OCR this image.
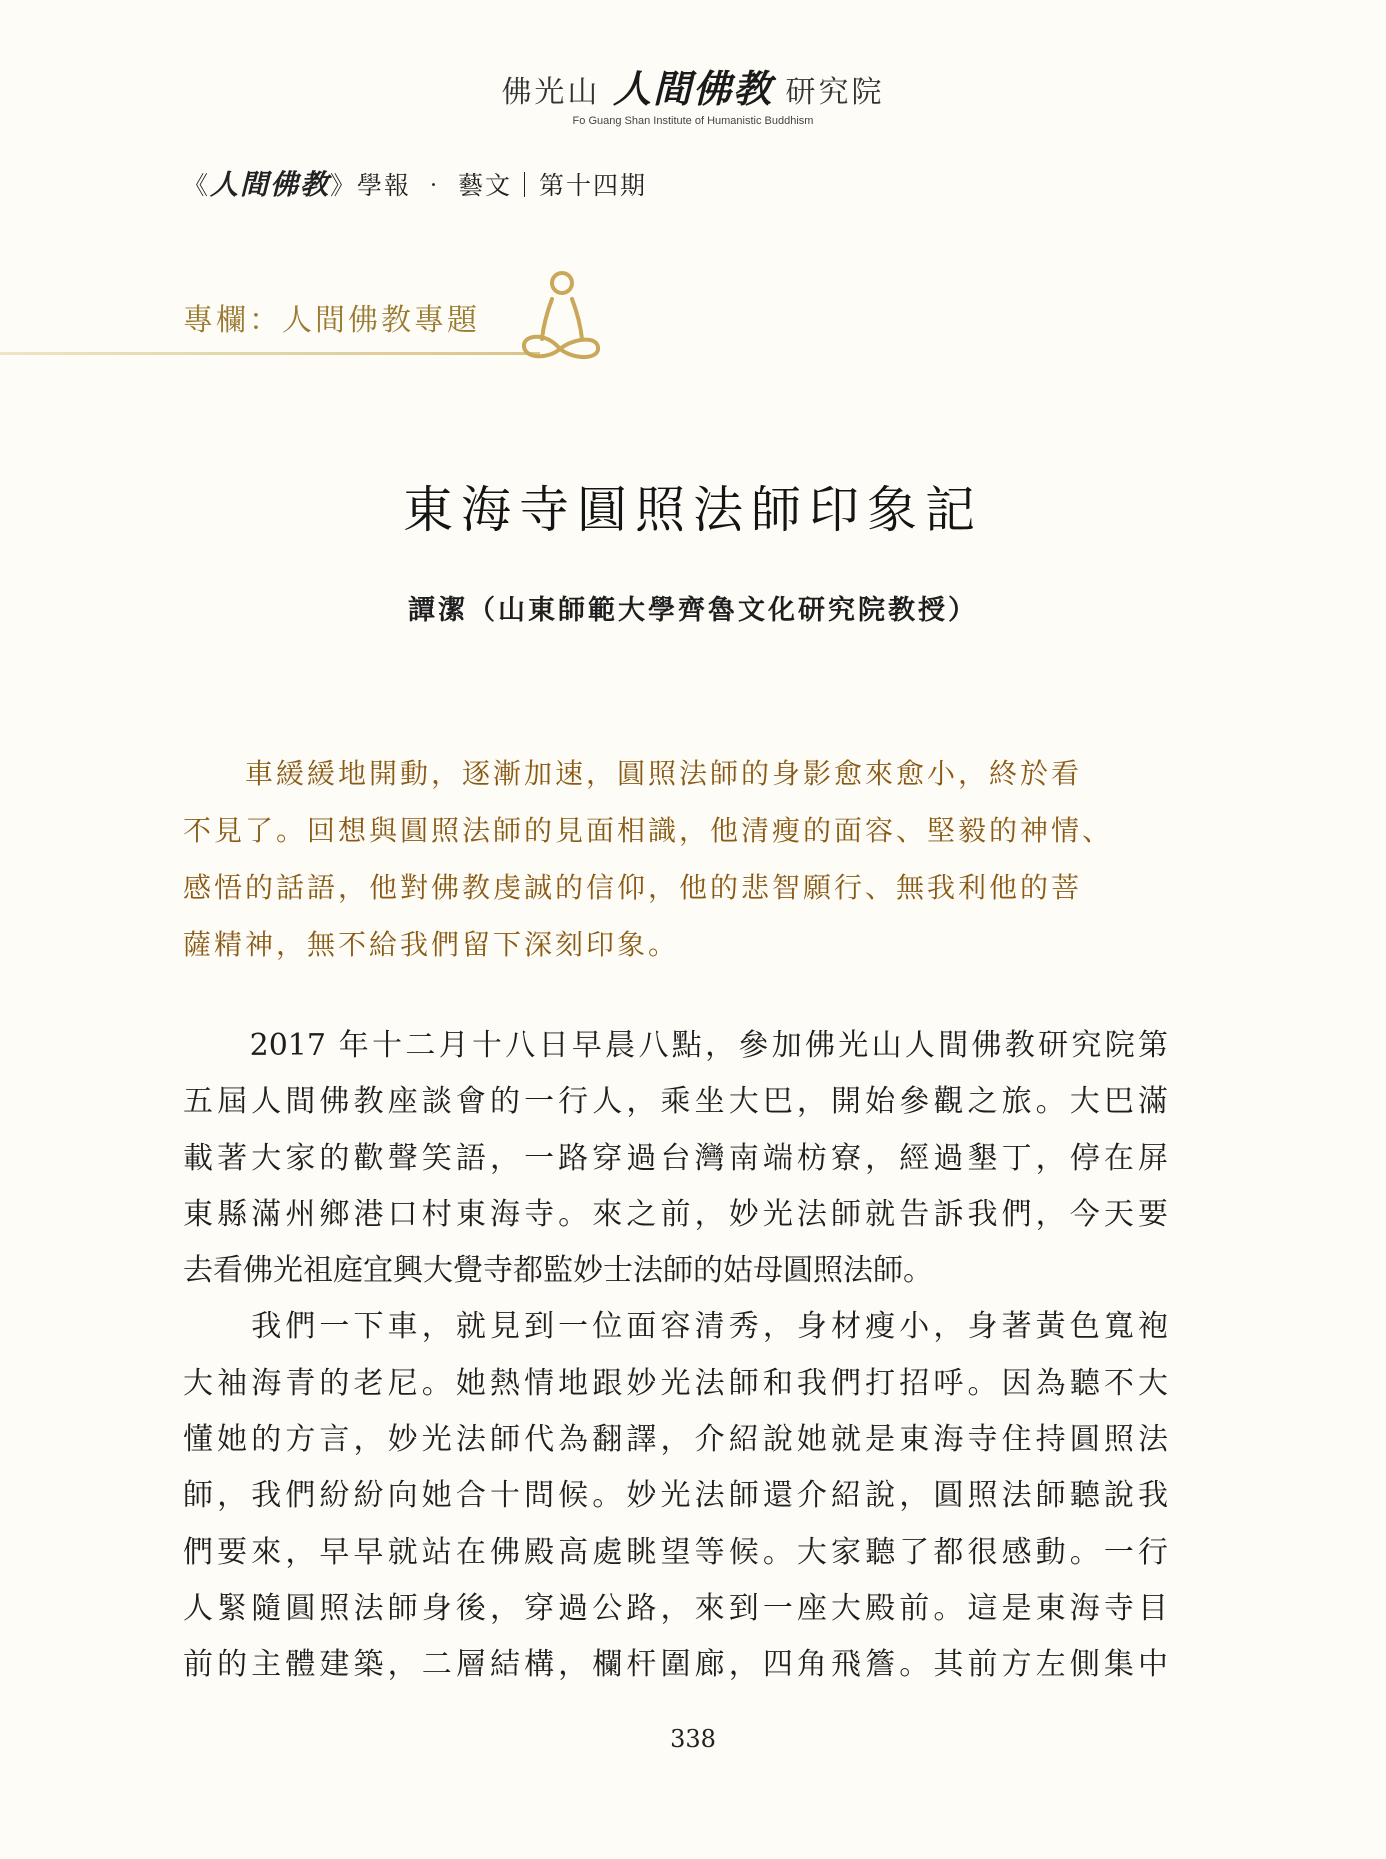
佛光山 人間佛教 研究院
Fo Guang Shan Institute of Humanistic Buddhism
《人間佛教》學報 ‧ 藝文｜第十四期
專欄：人間佛教專題
東海寺圓照法師印象記
譚潔（山東師範大學齊魯文化研究院教授）
　　車緩緩地開動，逐漸加速，圓照法師的身影愈來愈小，終於看
不見了。回想與圓照法師的見面相識，他清瘦的面容、堅毅的神情、
感悟的話語，他對佛教虔誠的信仰，他的悲智願行、無我利他的菩
薩精神，無不給我們留下深刻印象。
　　2017 年十二月十八日早晨八點，參加佛光山人間佛教研究院第
五屆人間佛教座談會的一行人，乘坐大巴，開始參觀之旅。大巴滿
載著大家的歡聲笑語，一路穿過台灣南端枋寮，經過墾丁，停在屏
東縣滿州鄉港口村東海寺。來之前，妙光法師就告訴我們，今天要
去看佛光祖庭宜興大覺寺都監妙士法師的姑母圓照法師。
　　我們一下車，就見到一位面容清秀，身材瘦小，身著黃色寬袍
大袖海青的老尼。她熱情地跟妙光法師和我們打招呼。因為聽不大
懂她的方言，妙光法師代為翻譯，介紹說她就是東海寺住持圓照法
師，我們紛紛向她合十問候。妙光法師還介紹說，圓照法師聽說我
們要來，早早就站在佛殿高處眺望等候。大家聽了都很感動。一行
人緊隨圓照法師身後，穿過公路，來到一座大殿前。這是東海寺目
前的主體建築，二層結構，欄杆圍廊，四角飛簷。其前方左側集中
338
